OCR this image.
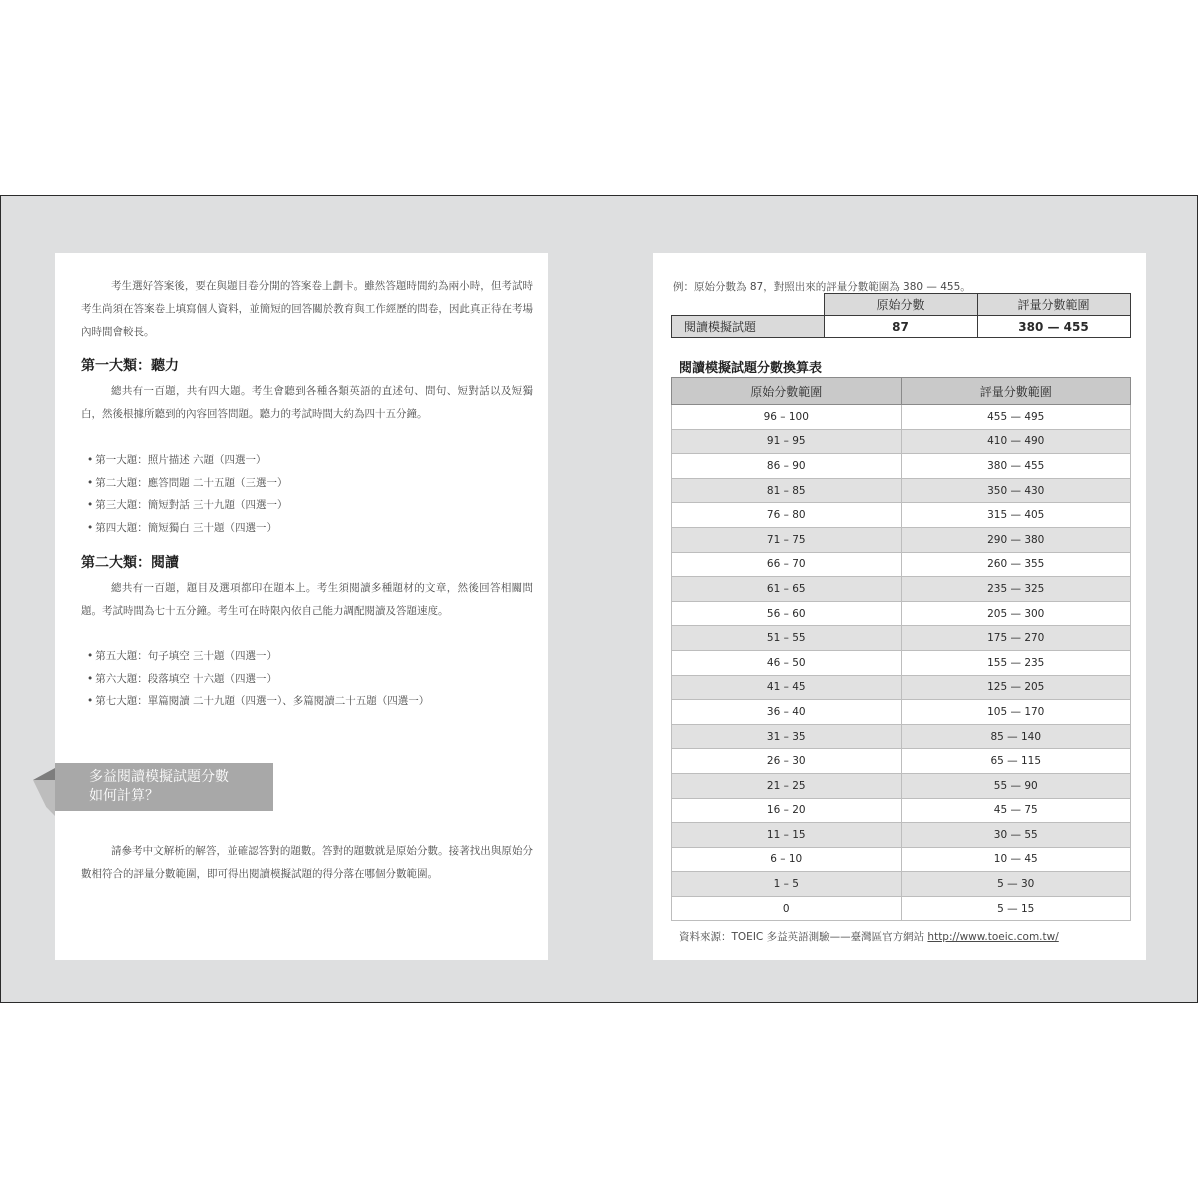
考生選好答案後，要在與題目卷分開的答案卷上劃卡。雖然答題時間約為兩小時，但考試時考生尚須在答案卷上填寫個人資料，並簡短的回答關於教育與工作經歷的問卷，因此真正待在考場內時間會較長。

第一大類：聽力

總共有一百題，共有四大題。考生會聽到各種各類英語的直述句、問句、短對話以及短獨白，然後根據所聽到的內容回答問題。聽力的考試時間大約為四十五分鐘。

• 第一大題：照片描述 六題（四選一）
• 第二大題：應答問題 二十五題（三選一）
• 第三大題：簡短對話 三十九題（四選一）
• 第四大題：簡短獨白 三十題（四選一）
第二大類：閱讀

總共有一百題，題目及選項都印在題本上。考生須閱讀多種題材的文章，然後回答相關問題。考試時間為七十五分鐘。考生可在時限內依自己能力調配閱讀及答題速度。

• 第五大題：句子填空 三十題（四選一）
• 第六大題：段落填空 十六題（四選一）
• 第七大題：單篇閱讀 二十九題（四選一）、多篇閱讀二十五題（四選一）
多益閱讀模擬試題分數
如何計算？

請參考中文解析的解答，並確認答對的題數。答對的題數就是原始分數。接著找出與原始分數相符合的評量分數範圍，即可得出閱讀模擬試題的得分落在哪個分數範圍。

例：原始分數為 87，對照出來的評量分數範圍為 380 — 455。
	原始分數	評量分數範圍
閱讀模擬試題	87	380 — 455
閱讀模擬試題分數換算表
原始分數範圍	評量分數範圍
96 – 100	455 — 495
91 – 95	410 — 490
86 – 90	380 — 455
81 – 85	350 — 430
76 – 80	315 — 405
71 – 75	290 — 380
66 – 70	260 — 355
61 – 65	235 — 325
56 – 60	205 — 300
51 – 55	175 — 270
46 – 50	155 — 235
41 – 45	125 — 205
36 – 40	105 — 170
31 – 35	85 — 140
26 – 30	65 — 115
21 – 25	55 — 90
16 – 20	45 — 75
11 – 15	30 — 55
6 – 10	10 — 45
1 – 5	5 — 30
0	5 — 15
資料來源：TOEIC 多益英語測驗——臺灣區官方網站 http://www.toeic.com.tw/
